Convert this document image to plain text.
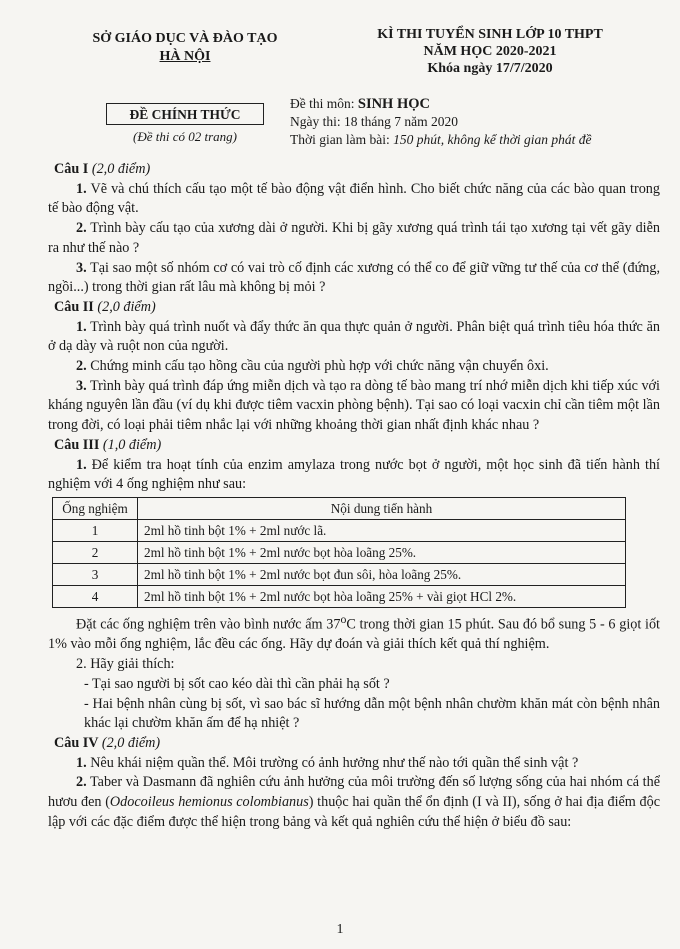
SỞ GIÁO DỤC VÀ ĐÀO TẠO
HÀ NỘI
KÌ THI TUYỂN SINH LỚP 10 THPT
NĂM HỌC 2020-2021
Khóa ngày 17/7/2020
ĐỀ CHÍNH THỨC
(Đề thi có 02 trang)
Đề thi môn: SINH HỌC
Ngày thi: 18 tháng 7 năm 2020
Thời gian làm bài: 150 phút, không kể thời gian phát đề

Câu I (2,0 điểm)

1. Vẽ và chú thích cấu tạo một tế bào động vật điển hình. Cho biết chức năng của các bào quan trong tế bào động vật.

2. Trình bày cấu tạo của xương dài ở người. Khi bị gãy xương quá trình tái tạo xương tại vết gãy diễn ra như thế nào ?

3. Tại sao một số nhóm cơ có vai trò cố định các xương có thể co để giữ vững tư thế của cơ thể (đứng, ngồi...) trong thời gian rất lâu mà không bị mỏi ?

Câu II (2,0 điểm)

1. Trình bày quá trình nuốt và đẩy thức ăn qua thực quản ở người. Phân biệt quá trình tiêu hóa thức ăn ở dạ dày và ruột non của người.

2. Chứng minh cấu tạo hồng cầu của người phù hợp với chức năng vận chuyển ôxi.

3. Trình bày quá trình đáp ứng miễn dịch và tạo ra dòng tế bào mang trí nhớ miễn dịch khi tiếp xúc với kháng nguyên lần đầu (ví dụ khi được tiêm vacxin phòng bệnh). Tại sao có loại vacxin chỉ cần tiêm một lần trong đời, có loại phải tiêm nhắc lại với những khoảng thời gian nhất định khác nhau ?

Câu III (1,0 điểm)

1. Để kiểm tra hoạt tính của enzim amylaza trong nước bọt ở người, một học sinh đã tiến hành thí nghiệm với 4 ống nghiệm như sau:

Ống nghiệm	Nội dung tiến hành
1	2ml hồ tinh bột 1% + 2ml nước lã.
2	2ml hồ tinh bột 1% + 2ml nước bọt hòa loãng 25%.
3	2ml hồ tinh bột 1% + 2ml nước bọt đun sôi, hòa loãng 25%.
4	2ml hồ tinh bột 1% + 2ml nước bọt hòa loãng 25% + vài giọt HCl 2%.

Đặt các ống nghiệm trên vào bình nước ấm 37$^o$C trong thời gian 15 phút. Sau đó bổ sung 5 - 6 giọt iốt 1% vào mỗi ống nghiệm, lắc đều các ống. Hãy dự đoán và giải thích kết quả thí nghiệm.

2. Hãy giải thích:

- Tại sao người bị sốt cao kéo dài thì cần phải hạ sốt ?

- Hai bệnh nhân cùng bị sốt, vì sao bác sĩ hướng dẫn một bệnh nhân chườm khăn mát còn bệnh nhân khác lại chườm khăn ấm để hạ nhiệt ?

Câu IV (2,0 điểm)

1. Nêu khái niệm quần thể. Môi trường có ảnh hưởng như thế nào tới quần thể sinh vật ?

2. Taber và Dasmann đã nghiên cứu ảnh hưởng của môi trường đến số lượng sống của hai nhóm cá thể hươu đen (Odocoileus hemionus colombianus) thuộc hai quần thể ổn định (I và II), sống ở hai địa điểm độc lập với các đặc điểm được thể hiện trong bảng và kết quả nghiên cứu thể hiện ở biểu đồ sau:

1
